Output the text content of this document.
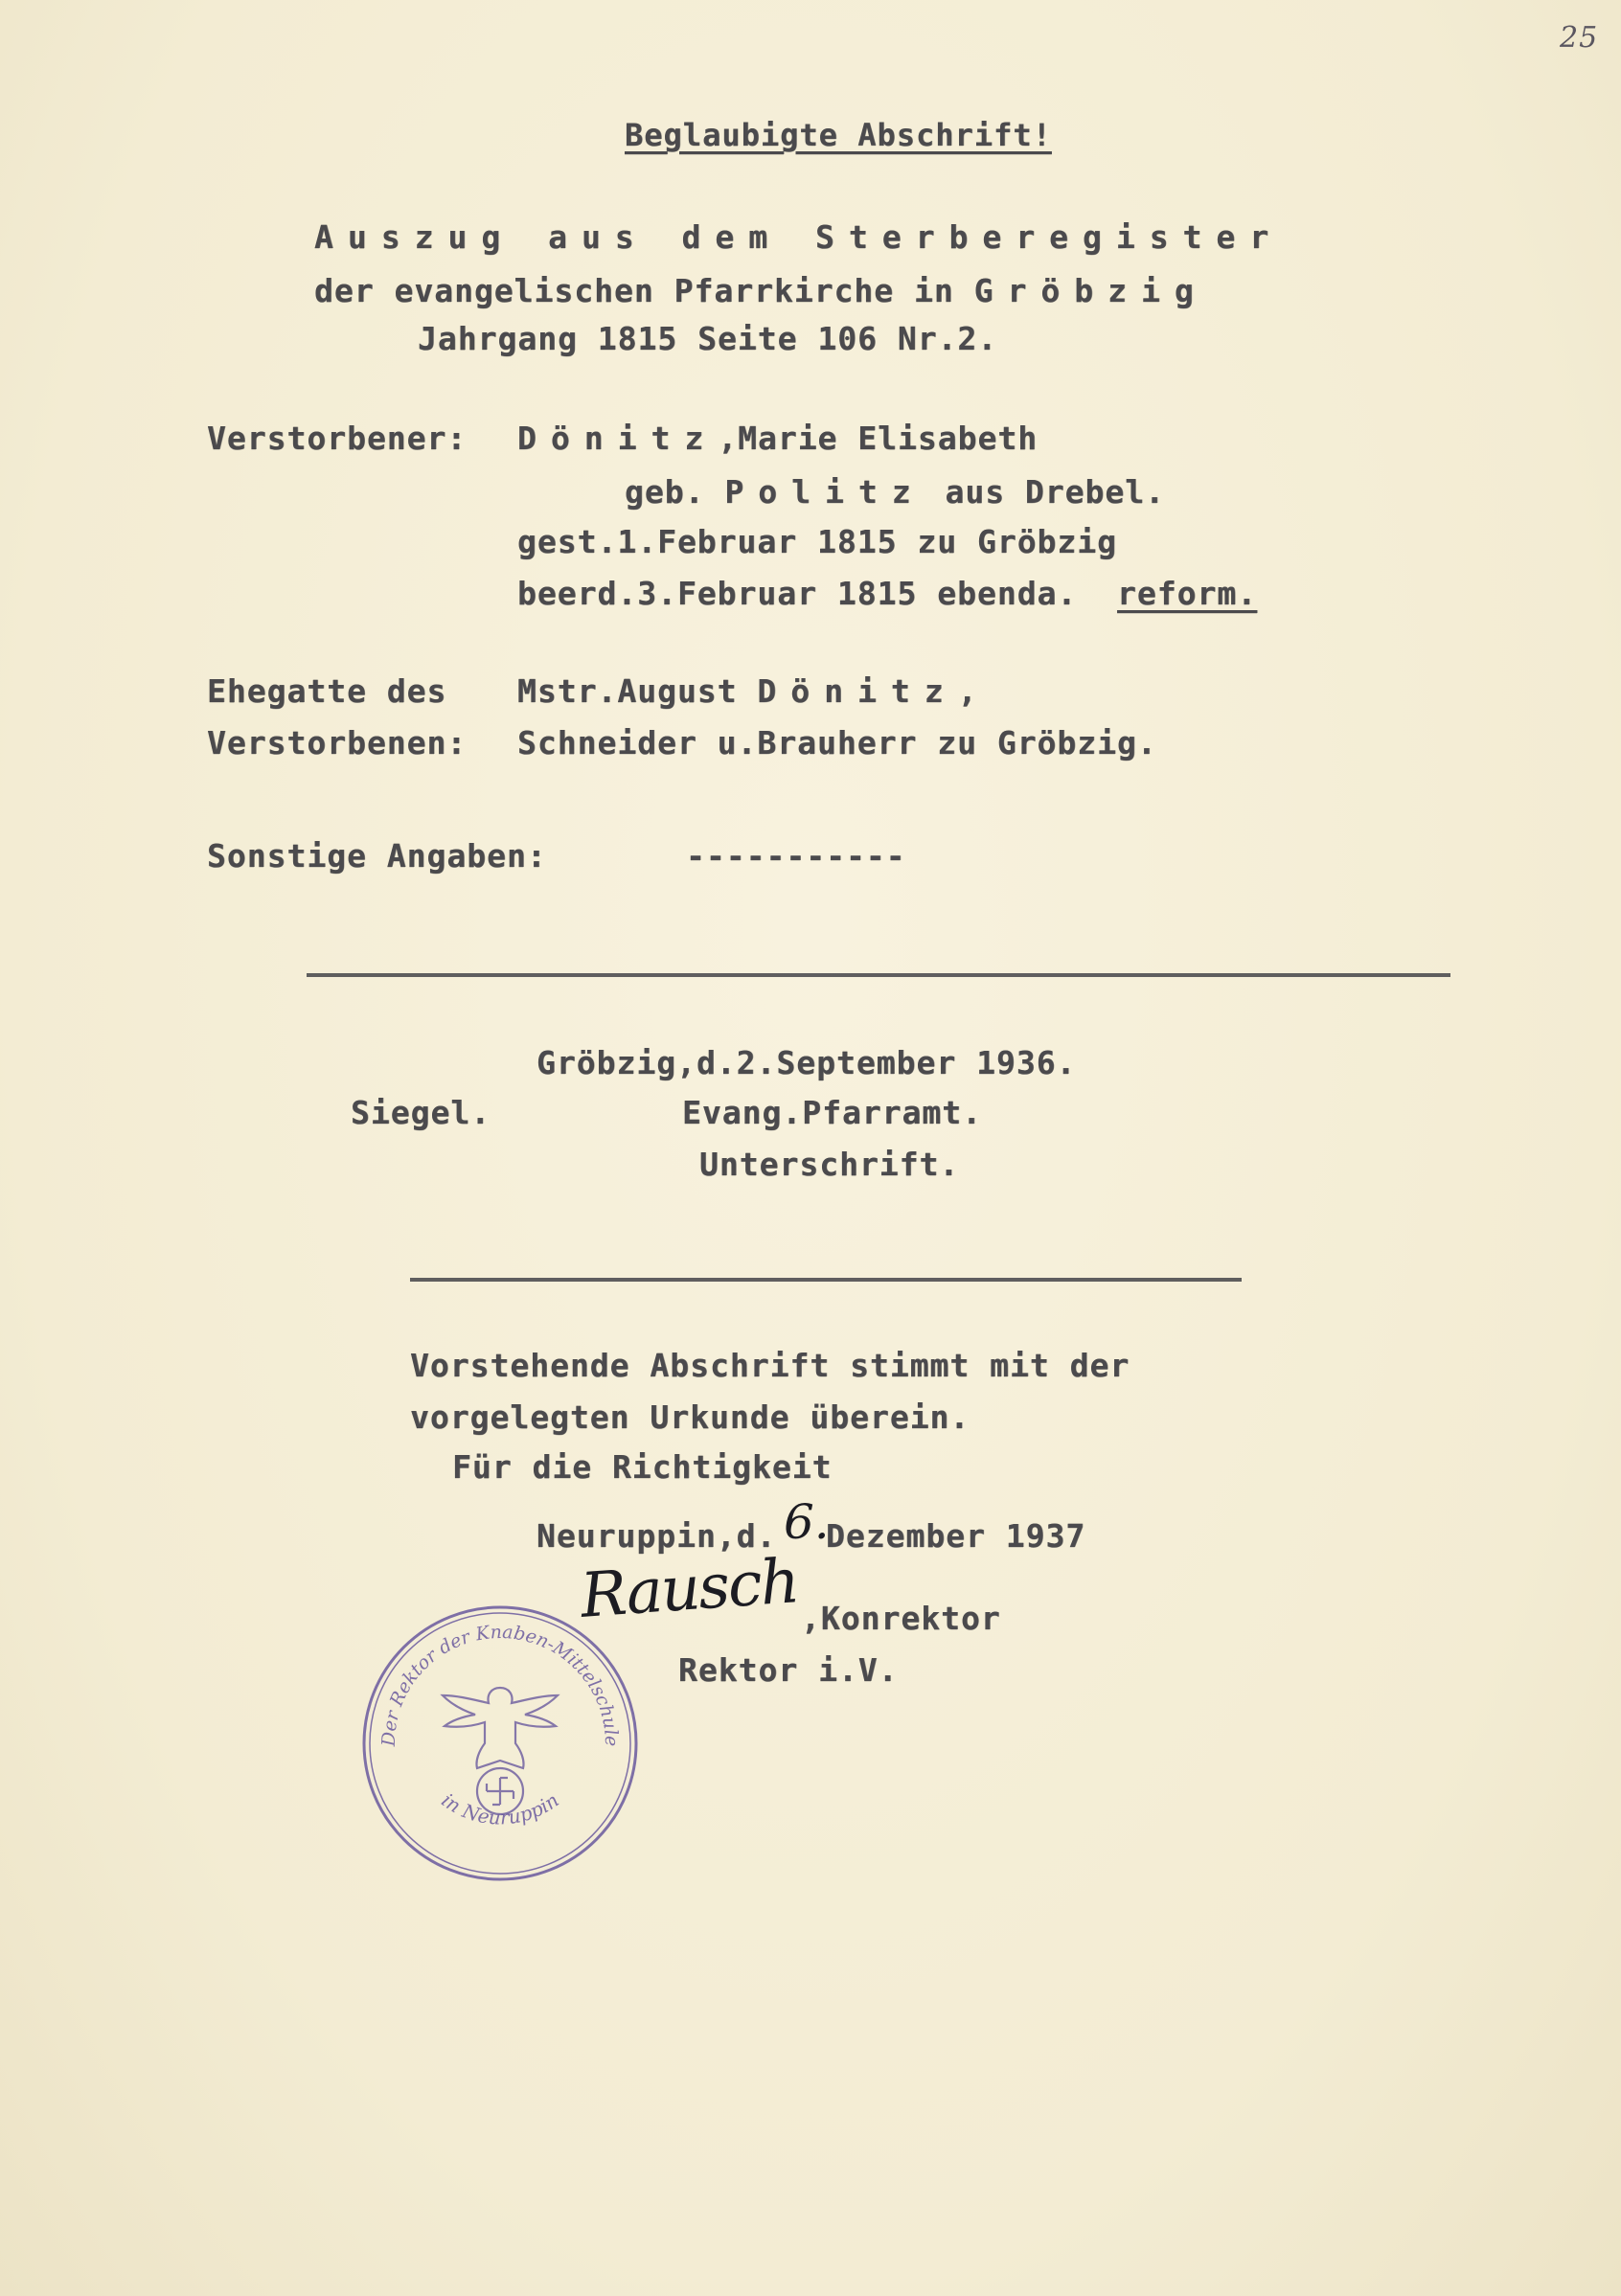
25
Beglaubigte Abschrift!
Auszug aus dem Sterberegister
der evangelischen Pfarrkirche in Gröbzig
Jahrgang 1815 Seite 106 Nr.2.
Verstorbener: Dönitz,Marie Elisabeth
geb. Politz aus Drebel.
gest.1.Februar 1815 zu Gröbzig
beerd.3.Februar 1815 ebenda. reform.
Ehegatte des Mstr.August Dönitz,
Verstorbenen: Schneider u.Brauherr zu Gröbzig.
Sonstige Angaben:	-----------
Gröbzig,d.2.September 1936.
Siegel.	Evang.Pfarramt.
Unterschrift.
Vorstehende Abschrift stimmt mit der
vorgelegten Urkunde überein.
Für die Richtigkeit
Neuruppin,d. 6.
Dezember 1937
Rausch ,Konrektor
Rektor i.V.
Der Rektor der Knaben-Mittelschule
in Neuruppin
